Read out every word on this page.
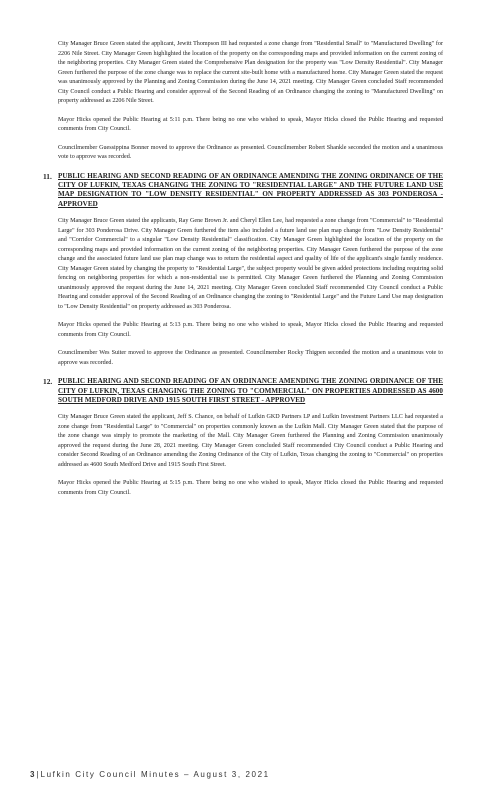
City Manager Bruce Green stated the applicant, Jewitt Thompson III had requested a zone change from "Residential Small" to "Manufactured Dwelling" for 2206 Nile Street. City Manager Green highlighted the location of the property on the corresponding maps and provided information on the current zoning of the neighboring properties. City Manager Green stated the Comprehensive Plan designation for the property was "Low Density Residential". City Manager Green furthered the purpose of the zone change was to replace the current site-built home with a manufactured home. City Manager Green stated the request was unanimously approved by the Planning and Zoning Commission during the June 14, 2021 meeting. City Manager Green concluded Staff recommended City Council conduct a Public Hearing and consider approval of the Second Reading of an Ordinance changing the zoning to "Manufactured Dwelling" on property addressed as 2206 Nile Street.

Mayor Hicks opened the Public Hearing at 5:11 p.m. There being no one who wished to speak, Mayor Hicks closed the Public Hearing and requested comments from City Council.

Councilmember Guessippina Bonner moved to approve the Ordinance as presented. Councilmember Robert Shankle seconded the motion and a unanimous vote to approve was recorded.

11. PUBLIC HEARING AND SECOND READING OF AN ORDINANCE AMENDING THE ZONING ORDINANCE OF THE CITY OF LUFKIN, TEXAS CHANGING THE ZONING TO "RESIDENTIAL LARGE" AND THE FUTURE LAND USE MAP DESIGNATION TO "LOW DENSITY RESIDENTIAL" ON PROPERTY ADDRESSED AS 303 PONDEROSA - APPROVED

City Manager Bruce Green stated the applicants, Ray Gene Brown Jr. and Cheryl Ellen Lee, had requested a zone change from "Commercial" to "Residential Large" for 303 Ponderosa Drive. City Manager Green furthered the item also included a future land use plan map change from "Low Density Residential" and "Corridor Commercial" to a singular "Low Density Residential" classification. City Manager Green highlighted the location of the property on the corresponding maps and provided information on the current zoning of the neighboring properties. City Manager Green furthered the purpose of the zone change and the associated future land use plan map change was to return the residential aspect and quality of life of the applicant's single family residence. City Manager Green stated by changing the property to "Residential Large", the subject property would be given added protections including requiring solid fencing on neighboring properties for which a non-residential use is permitted. City Manager Green furthered the Planning and Zoning Commission unanimously approved the request during the June 14, 2021 meeting. City Manager Green concluded Staff recommended City Council conduct a Public Hearing and consider approval of the Second Reading of an Ordinance changing the zoning to "Residential Large" and the Future Land Use map designation to "Low Density Residential" on property addressed as 303 Ponderosa.

Mayor Hicks opened the Public Hearing at 5:13 p.m. There being no one who wished to speak, Mayor Hicks closed the Public Hearing and requested comments from City Council.

Councilmember Wes Suiter moved to approve the Ordinance as presented. Councilmember Rocky Thigpen seconded the motion and a unanimous vote to approve was recorded.

12. PUBLIC HEARING AND SECOND READING OF AN ORDINANCE AMENDING THE ZONING ORDINANCE OF THE CITY OF LUFKIN, TEXAS CHANGING THE ZONING TO "COMMERCIAL" ON PROPERTIES ADDRESSED AS 4600 SOUTH MEDFORD DRIVE AND 1915 SOUTH FIRST STREET - APPROVED

City Manager Bruce Green stated the applicant, Jeff S. Chance, on behalf of Lufkin GKD Partners LP and Lufkin Investment Partners LLC had requested a zone change from "Residential Large" to "Commercial" on properties commonly known as the Lufkin Mall. City Manager Green stated that the purpose of the zone change was simply to promote the marketing of the Mall. City Manager Green furthered the Planning and Zoning Commission unanimously approved the request during the June 28, 2021 meeting. City Manager Green concluded Staff recommended City Council conduct a Public Hearing and consider Second Reading of an Ordinance amending the Zoning Ordinance of the City of Lufkin, Texas changing the zoning to "Commercial" on properties addressed as 4600 South Medford Drive and 1915 South First Street.

Mayor Hicks opened the Public Hearing at 5:15 p.m. There being no one who wished to speak, Mayor Hicks closed the Public Hearing and requested comments from City Council.

3 | Lufkin City Council Minutes – August 3, 2021
